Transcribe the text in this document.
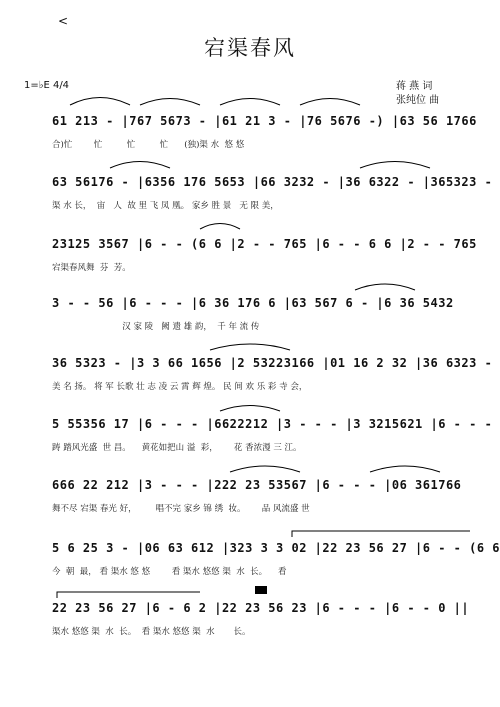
<
宕渠春风
1=♭E 4/4	蒋 燕 词
张纯位 曲
61 213 - |767 5673 - |61 21 3 - |76 5676 -) |63 56 1766
合)忙        忙         忙         忙      (独)渠 水  悠 悠
63 56176 - |6356 176 5653 |66 3232 - |36 6322 - |365323 -
渠 水 长，  宙   人  故 里 飞 凤 凰。 家乡 胜 景   无 限 美，
23125 3567 |6 - - (6 6 |2 - - 765 |6 - - 6 6 |2 - - 765
宕渠春风舞  芬  芳。
3 - - 56 |6 - - - |6 36 176 6 |63 567 6 - |6 36 5432
汉 家 陵   阙 遗 雄 韵，  千 年 流 传
36 5323 - |3 3 66 1656 |2 53223166 |01 16 2 32 |36 6323 -
美 名 扬。 将 军 长歌 壮 志 凌 云 霄 辉 煌。 民 间 欢 乐 彩 寺 会，
5 55356 17 |6 - - - |6622212 |3 - - - |3 3215621 |6 - - -
踌 踏风光盛  世 昌。    黄花如把山 溢  彩，      花 香浓漫 三 江。
666 22 212 |3 - - - |222 23 53567 |6 - - - |06 361766
舞不尽 宕渠 春光 好，       唱不完 家乡 锦 绣  妆。      品 风流盛 世
5 6 25 3 - |06 63 612 |323 3 3 02 |22 23 56 27 |6 - - (6 6
今  朝  最， 看 渠水 悠 悠        看 渠水 悠悠 渠  水  长。    看
22 23 56 27 |6 - 6 2 |22 23 56 23 |6 - - - |6 - - 0 ||
渠水 悠悠 渠  水  长。  看 渠水 悠悠 渠  水       长。
